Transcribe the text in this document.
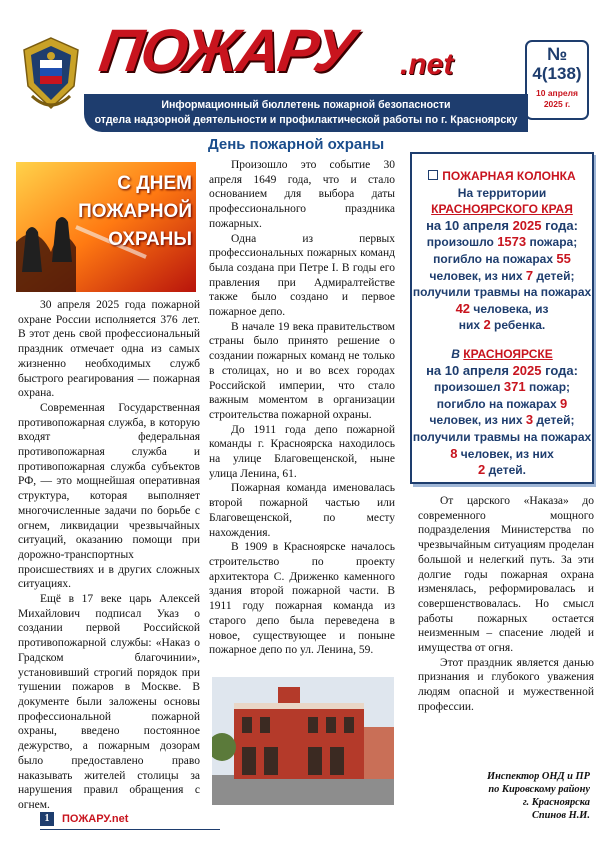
ПОЖАРУ	.net	№
4(138)
10 апреля 2025 г.
Информационный бюллетень пожарной безопасности
отдела надзорной деятельности и профилактической работы по г. Красноярску
День пожарной охраны
С ДНЕМ ПОЖАРНОЙ ОХРАНЫ

30 апреля 2025 года пожарной охране России исполняется 376 лет. В этот день свой профессиональный праздник отмечает одна из самых жизненно необходимых служб быстрого реагирования — пожарная охрана.

Современная Государственная противопожарная служба, в которую входят федеральная противопожарная служба и противопожарная служба субъектов РФ, — это мощнейшая оперативная структура, которая выполняет многочисленные задачи по борьбе с огнем, ликвидации чрезвычайных ситуаций, оказанию помощи при дорожно-транспортных происшествиях и в других сложных ситуациях.

Ещё в 17 веке царь Алексей Михайлович подписал Указ о создании первой Российской противопожарной службы: «Наказ о Градском благочинии», установивший строгий порядок при тушении пожаров в Москве. В документе были заложены основы профессиональной пожарной охраны, введено постоянное дежурство, а пожарным дозорам было предоставлено право наказывать жителей столицы за нарушения правил обращения с огнем.

Произошло это событие 30 апреля 1649 года, что и стало основанием для выбора даты профессионального праздника пожарных.

Одна из первых профессиональных пожарных команд была создана при Петре I. В годы его правления при Адмиралтействе также было создано и первое пожарное депо.

В начале 19 века правительством страны было принято решение о создании пожарных команд не только в столицах, но и во всех городах Российской империи, что стало важным моментом в организации строительства пожарной охраны.

До 1911 года депо пожарной команды г. Красноярска находилось на улице Благовещенской, ныне улица Ленина, 61.

Пожарная команда именовалась второй пожарной частью или Благовещенской, по месту нахождения.

В 1909 в Красноярске началось строительство по проекту архитектора С. Дриженко каменного здания второй пожарной части. В 1911 году пожарная команда из старого депо была переведена в новое, существующее и поныне пожарное депо по ул. Ленина, 59.

ПОЖАРНАЯ КОЛОНКА
На территории
КРАСНОЯРСКОГО КРАЯ
на 10 апреля 2025 года:
произошло 1573 пожара;
погибло на пожарах 55
человек, из них 7 детей;
получили травмы на пожарах
42 человека, из
них 2 ребенка.
В КРАСНОЯРСКЕ
на 10 апреля 2025 года:
произошел 371 пожар;
погибло на пожарах 9
человек, из них 3 детей;
получили травмы на пожарах
8 человек, из них
2 детей.

От царского «Наказа» до современного мощного подразделения Министерства по чрезвычайным ситуациям проделан большой и нелегкий путь. За эти долгие годы пожарная охрана изменялась, реформировалась и совершенствовалась. Но смысл работы пожарных остается неизменным – спасение людей и имущества от огня.

Этот праздник является данью признания и глубокого уважения людям опасной и мужественной профессии.

Инспектор ОНД и ПР
по Кировскому району
г. Красноярска
Спинов Н.И.
1	ПОЖАРУ.net
